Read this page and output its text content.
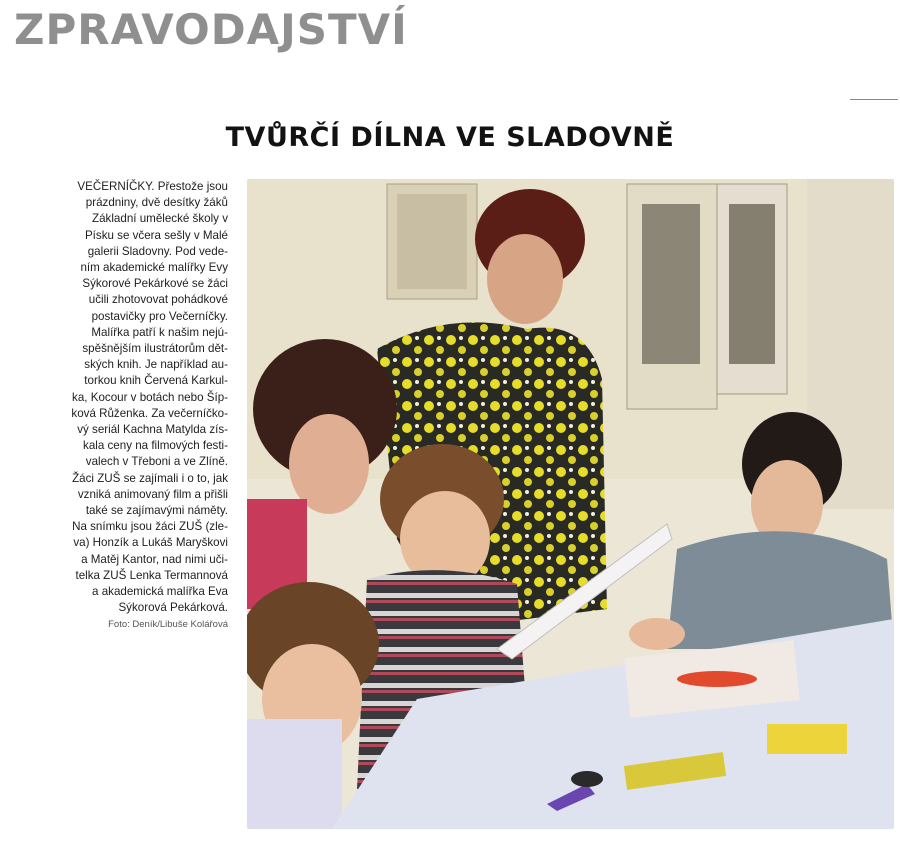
ZPRAVODAJSTVÍ
TVŮRČÍ DÍLNA VE SLADOVNĚ
VEČERNÍČKY. Přestože jsou
prázdniny, dvě desítky žáků
Základní umělecké školy v
Písku se včera sešly v Malé
galerii Sladovny. Pod vede-
ním akademické malířky Evy
Sýkorové Pekárkové se žáci
učili zhotovovat pohádkové
postavičky pro Večerníčky.
Malířka patří k našim nejú-
spěšnějším ilustrátorům dět-
ských knih. Je například au-
torkou knih Červená Karkul-
ka, Kocour v botách nebo Šíp-
ková Růženka. Za večerníčko-
vý seriál Kachna Matylda zís-
kala ceny na filmových festi-
valech v Třeboni a ve Zlíně.
Žáci ZUŠ se zajímali i o to, jak
vzniká animovaný film a přišli
také se zajímavými náměty.
Na snímku jsou žáci ZUŠ (zle-
va) Honzík a Lukáš Maryškovi
a Matěj Kantor, nad nimi uči-
telka ZUŠ Lenka Termannová
a akademická malířka Eva
Sýkorová Pekárková.
Foto: Deník/Libuše Kolářová
